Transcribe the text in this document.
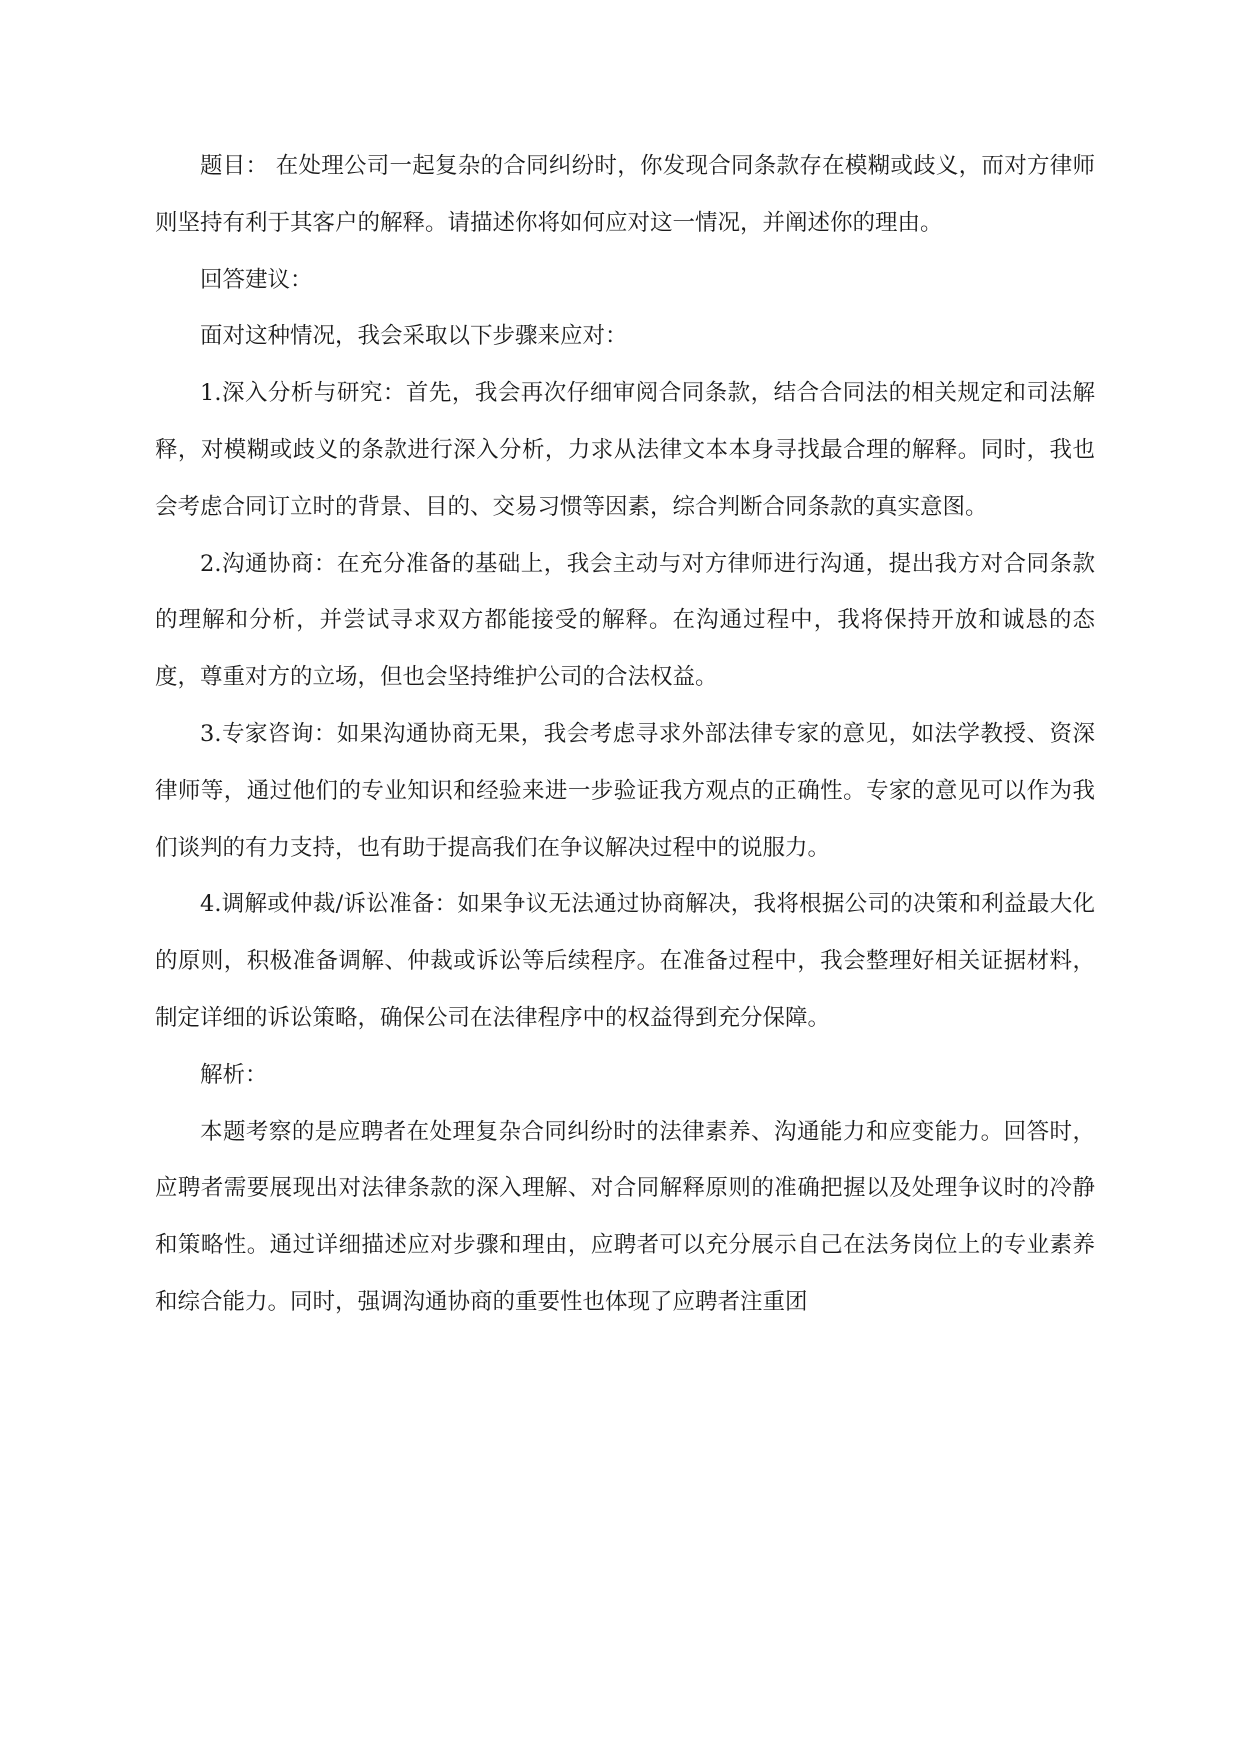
题目： 在处理公司一起复杂的合同纠纷时，你发现合同条款存在模糊或歧义，而对方律师则坚持有利于其客户的解释。请描述你将如何应对这一情况，并阐述你的理由。

回答建议：

面对这种情况，我会采取以下步骤来应对：

1.深入分析与研究：首先，我会再次仔细审阅合同条款，结合合同法的相关规定和司法解释，对模糊或歧义的条款进行深入分析，力求从法律文本本身寻找最合理的解释。同时，我也会考虑合同订立时的背景、目的、交易习惯等因素，综合判断合同条款的真实意图。

2.沟通协商：在充分准备的基础上，我会主动与对方律师进行沟通，提出我方对合同条款的理解和分析，并尝试寻求双方都能接受的解释。在沟通过程中，我将保持开放和诚恳的态度，尊重对方的立场，但也会坚持维护公司的合法权益。

3.专家咨询：如果沟通协商无果，我会考虑寻求外部法律专家的意见，如法学教授、资深律师等，通过他们的专业知识和经验来进一步验证我方观点的正确性。专家的意见可以作为我们谈判的有力支持，也有助于提高我们在争议解决过程中的说服力。

4.调解或仲裁/诉讼准备：如果争议无法通过协商解决，我将根据公司的决策和利益最大化的原则，积极准备调解、仲裁或诉讼等后续程序。在准备过程中，我会整理好相关证据材料，制定详细的诉讼策略，确保公司在法律程序中的权益得到充分保障。

解析：

本题考察的是应聘者在处理复杂合同纠纷时的法律素养、沟通能力和应变能力。回答时，应聘者需要展现出对法律条款的深入理解、对合同解释原则的准确把握以及处理争议时的冷静和策略性。通过详细描述应对步骤和理由，应聘者可以充分展示自己在法务岗位上的专业素养和综合能力。同时，强调沟通协商的重要性也体现了应聘者注重团
